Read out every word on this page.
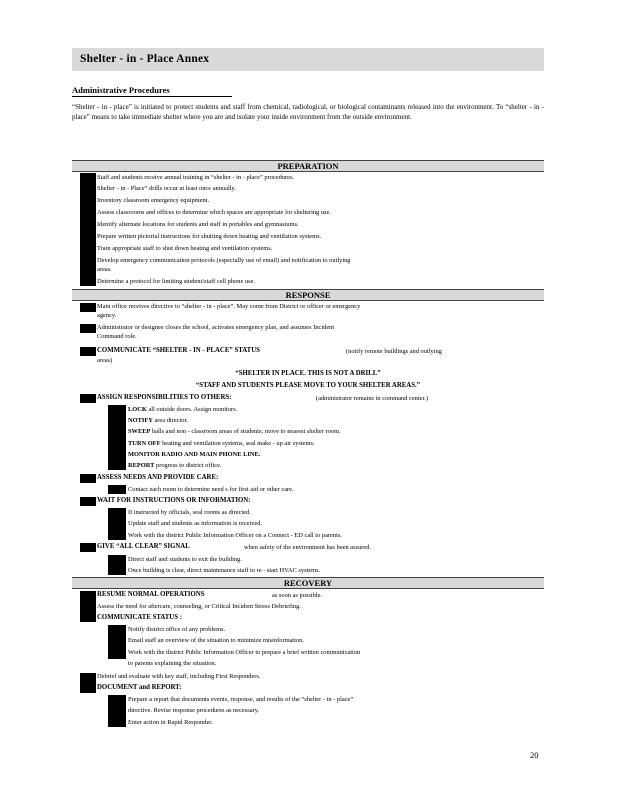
Shelter - in - Place Annex
Administrative Procedures
“Shelter - in - place” is initiated to protect students and staff from chemical, radiological, or biological contaminants released into the environment. To “shelter - in - place” means to take immediate shelter where you are and isolate your inside environment from the outside environment.
PREPARATION
Staff and students receive annual training in “shelter - in - place” procedures.
Shelter - in - Place” drills occur at least once annually.
Inventory classroom emergency equipment.
Assess classrooms and offices to determine which spaces are appropriate for sheltering use.
Identify alternate locations for students and staff in portables and gymnasiums.
Prepare written pictorial instructions for shutting down heating and ventilation systems.
Train appropriate staff to shut down heating and ventilation systems.
Develop emergency communication protocols (especially use of email) and notification to outlying
areas.
Determine a protocol for limiting student/staff cell phone use.
RESPONSE
Main office receives directive to “shelter - in - place”. May come from District or officer or emergency
agency.
Administrator or designee closes the school, activates emergency plan, and assumes Incident
Command role.
COMMUNICATE “SHELTER - IN - PLACE” STATUS	(notify remote buildings and outlying
areas)
“SHELTER IN PLACE. THIS IS NOT A DRILL”
“STAFF AND STUDENTS PLEASE MOVE TO YOUR SHELTER AREAS.”
ASSIGN RESPONSIBILITIES TO OTHERS:	(administrator remains in command center.)
LOCK all outside doors. Assign monitors.
NOTIFY area director.
SWEEP halls and non - classroom areas of students; move to nearest shelter room.
TURN OFF heating and ventilation systems, seal make - up air systems.
MONITOR RADIO AND MAIN PHONE LINE.
REPORT progress to district office.
ASSESS NEEDS AND PROVIDE CARE:
Contact each room to determine need s for first aid or other care.
WAIT FOR INSTRUCTIONS OR INFORMATION:
If instructed by officials, seal rooms as directed.
Update staff and students as information is received.
Work with the district Public Information Officer on a Connect - ED call to parents.
GIVE “ALL CLEAR” SIGNAL	when safety of the environment has been assured.
Direct staff and students to exit the building.
Once building is clear, direct maintenance staff to re - start HVAC systems.
RECOVERY
RESUME NORMAL OPERATIONS	as soon as possible.
Assess the need for aftercare, counseling, or Critical Incident Stress Debriefing.
COMMUNICATE STATUS :
Notify district office of any problems.
Email staff an overview of the situation to minimize misinformation.
Work with the district Public Information Officer to prepare a brief written communication
to parents explaining the situation.
Debrief and evaluate with key staff, including First Responders.
DOCUMENT and REPORT:
Prepare a report that documents events, response, and results of the “shelter - in - place”
directive. Revise response procedures as necessary.
Enter action in Rapid Responder.
20
